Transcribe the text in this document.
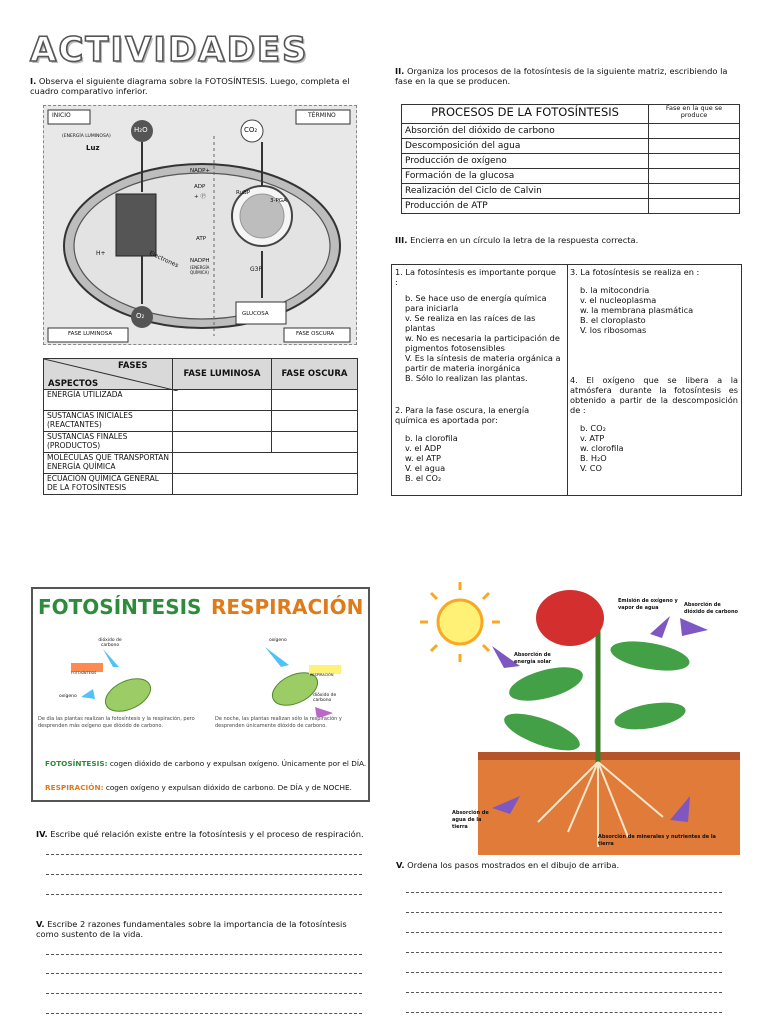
ACTIVIDADES
I. Observa el siguiente diagrama sobre la FOTOSÍNTESIS. Luego, completa el cuadro comparativo inferior.
INICIO	TÉRMINO
(ENERGÍA LUMINOSA)
Luz
H₂O	CO₂
O₂
NADP+
ADP
+ Ⓟ
RuBP
3-PGA
ATP
NADPH
(ENERGÍA QUÍMICA)
H+	Electrones
G3P
GLUCOSA
FASE LUMINOSA	FASE OSCURA
FASES
ASPECTOS	FASE LUMINOSA	FASE OSCURA
ENERGÍA UTILIZADA		
SUSTANCIAS INICIALES (REACTANTES)		
SUSTANCIAS FINALES (PRODUCTOS)		
MOLÉCULAS QUE TRANSPORTAN ENERGÍA QUÍMICA		
ECUACIÓN QUÍMICA GENERAL DE LA FOTOSÍNTESIS		
II. Organiza los procesos de la fotosíntesis de la siguiente matriz, escribiendo la fase en la que se producen.
PROCESOS DE LA FOTOSÍNTESIS	Fase en la que se produce
Absorción del dióxido de carbono	
Descomposición del agua	
Producción de oxígeno	
Formación de la glucosa	
Realización del Ciclo de Calvin	
Producción de ATP	
III. Encierra en un círculo la letra de la respuesta correcta.
1. La fotosíntesis es importante porque :
b. Se hace uso de energía química para iniciarla
v. Se realiza en las raíces de las plantas
w. No es necesaria la participación de pigmentos fotosensibles
V. Es la síntesis de materia orgánica a partir de materia inorgánica
B. Sólo lo realizan las plantas.
2. Para la fase oscura, la energía química es aportada por:
b. la clorofila
v. el ADP
w. el ATP
V. el agua
B. el CO₂
3. La fotosíntesis se realiza en :
b. la mitocondria
v. el nucleoplasma
w. la membrana plasmática
B. el cloroplasto
V. los ribosomas
4. El oxígeno que se libera a la atmósfera durante la fotosíntesis es obtenido a partir de la descomposición de :
b. CO₂
v. ATP
w. clorofila
B. H₂O
V. CO
FOTOSÍNTESIS RESPIRACIÓN
dióxido de carbono
FOTOSÍNTESIS
oxígeno
oxígeno
RESPIRACIÓN
dióxido de carbono
De día las plantas realizan la fotosíntesis y la respiración, pero desprenden más oxígeno que dióxido de carbono.
De noche, las plantas realizan sólo la respiración y desprenden únicamente dióxido de carbono.
FOTOSÍNTESIS: cogen dióxido de carbono y expulsan oxígeno. Únicamente por el DÍA.
RESPIRACIÓN: cogen oxígeno y expulsan dióxido de carbono. De DÍA y de NOCHE.
Emisión de oxígeno y vapor de agua	Absorción de dióxido de carbono
Absorción de energía solar
Absorción de agua de la tierra
Absorción de minerales y nutrientes de la tierra
IV. Escribe qué relación existe entre la fotosíntesis y el proceso de respiración.
V. Escribe 2 razones fundamentales sobre la importancia de la fotosíntesis como sustento de la vida.
V. Ordena los pasos mostrados en el dibujo de arriba.
